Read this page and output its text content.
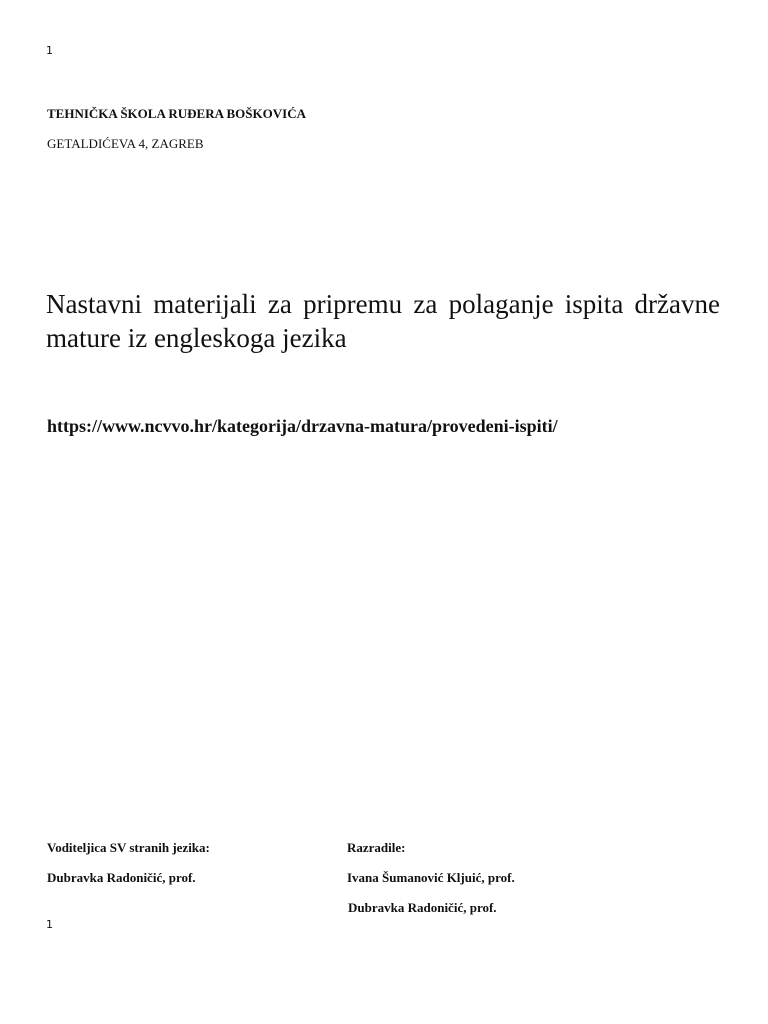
1
TEHNIČKA ŠKOLA RUĐERA BOŠKOVIĆA
GETALDIĆEVA 4, ZAGREB
Nastavni materijali za pripremu za polaganje ispita državne mature iz engleskoga jezika
https://www.ncvvo.hr/kategorija/drzavna-matura/provedeni-ispiti/
Voditeljica SV stranih jezika:	Razradile:
Dubravka Radoničić, prof.	Ivana Šumanović Kljuić, prof.
Dubravka Radoničić, prof.
1
